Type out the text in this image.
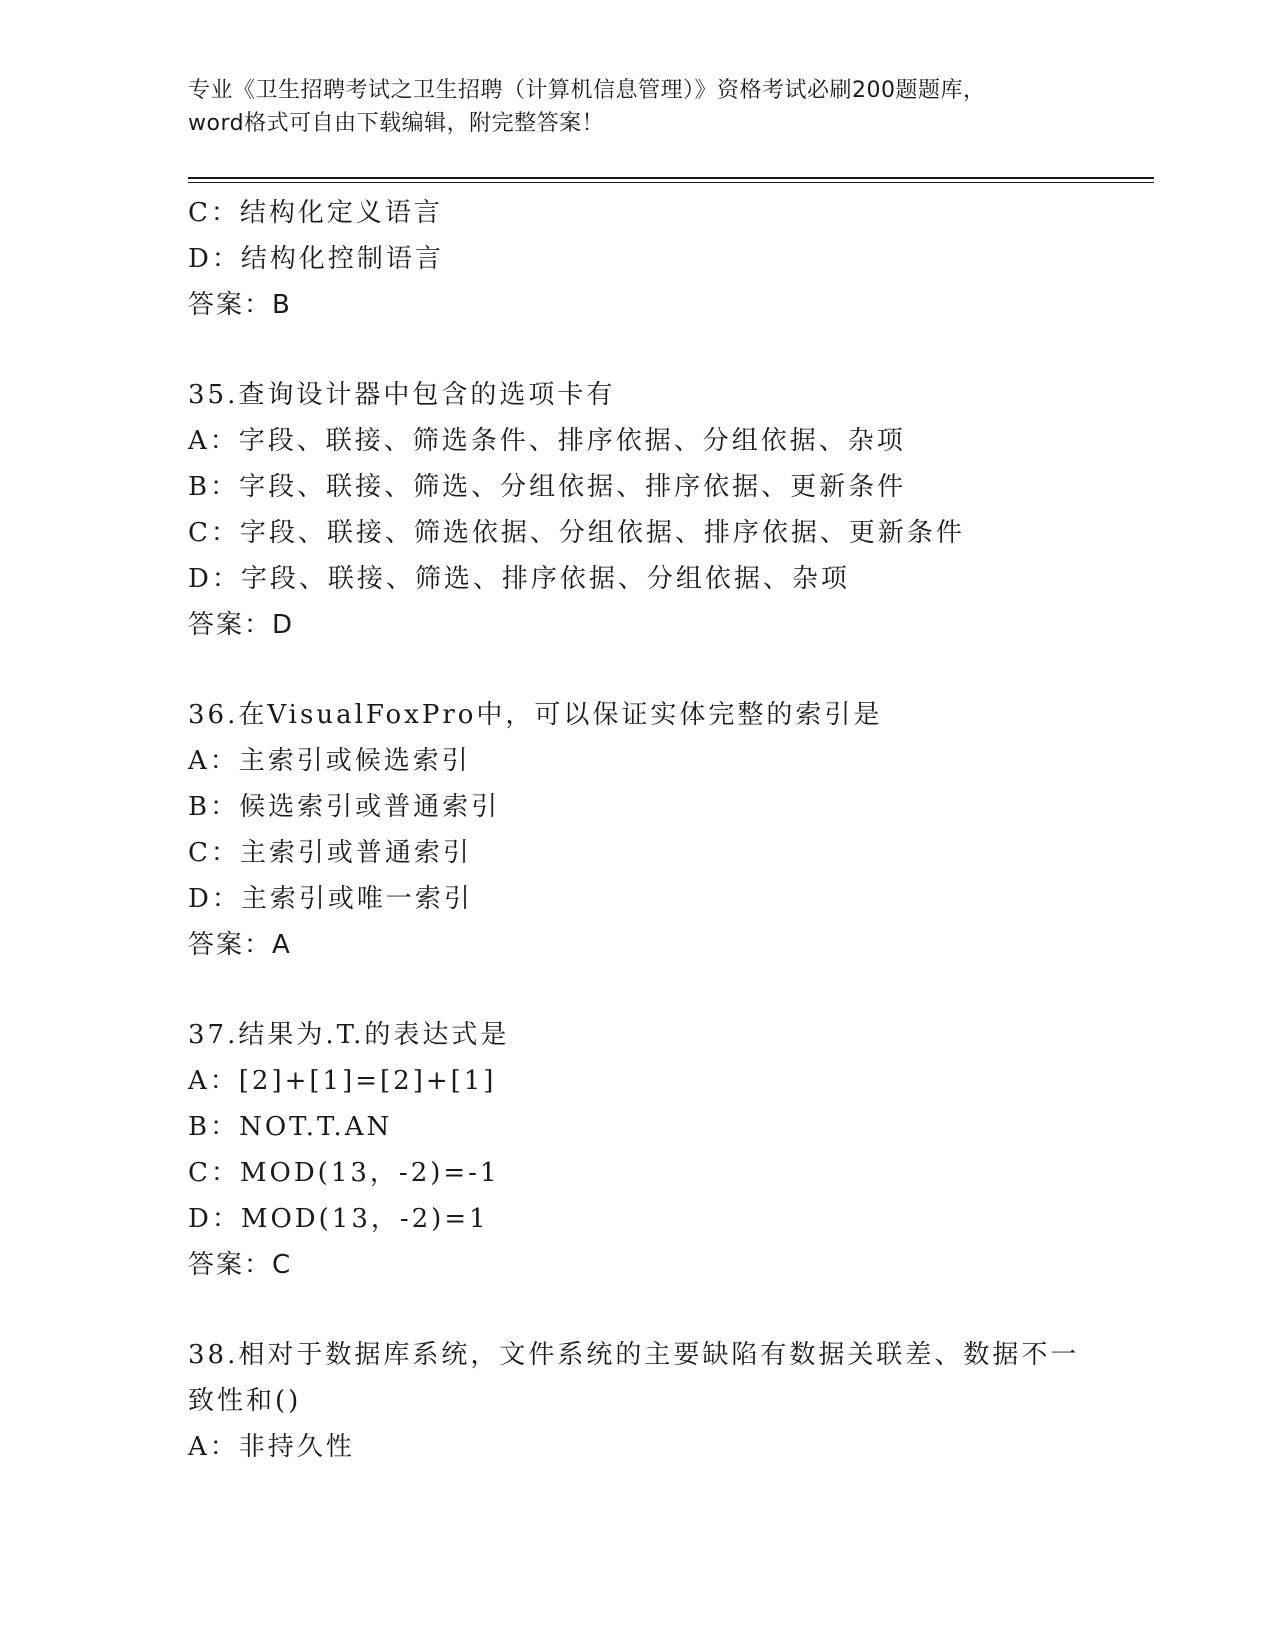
专业《卫生招聘考试之卫生招聘（计算机信息管理）》资格考试必刷200题题库，
word格式可自由下载编辑，附完整答案！
C：结构化定义语言
D：结构化控制语言
答案：B
35.查询设计器中包含的选项卡有
A：字段、联接、筛选条件、排序依据、分组依据、杂项
B：字段、联接、筛选、分组依据、排序依据、更新条件
C：字段、联接、筛选依据、分组依据、排序依据、更新条件
D：字段、联接、筛选、排序依据、分组依据、杂项
答案：D
36.在VisualFoxPro中，可以保证实体完整的索引是
A：主索引或候选索引
B：候选索引或普通索引
C：主索引或普通索引
D：主索引或唯一索引
答案：A
37.结果为.T.的表达式是
A：[2]+[1]=[2]+[1]
B：NOT.T.AN
C：MOD(13，-2)=-1
D：MOD(13，-2)=1
答案：C
38.相对于数据库系统，文件系统的主要缺陷有数据关联差、数据不一
致性和()
A：非持久性
